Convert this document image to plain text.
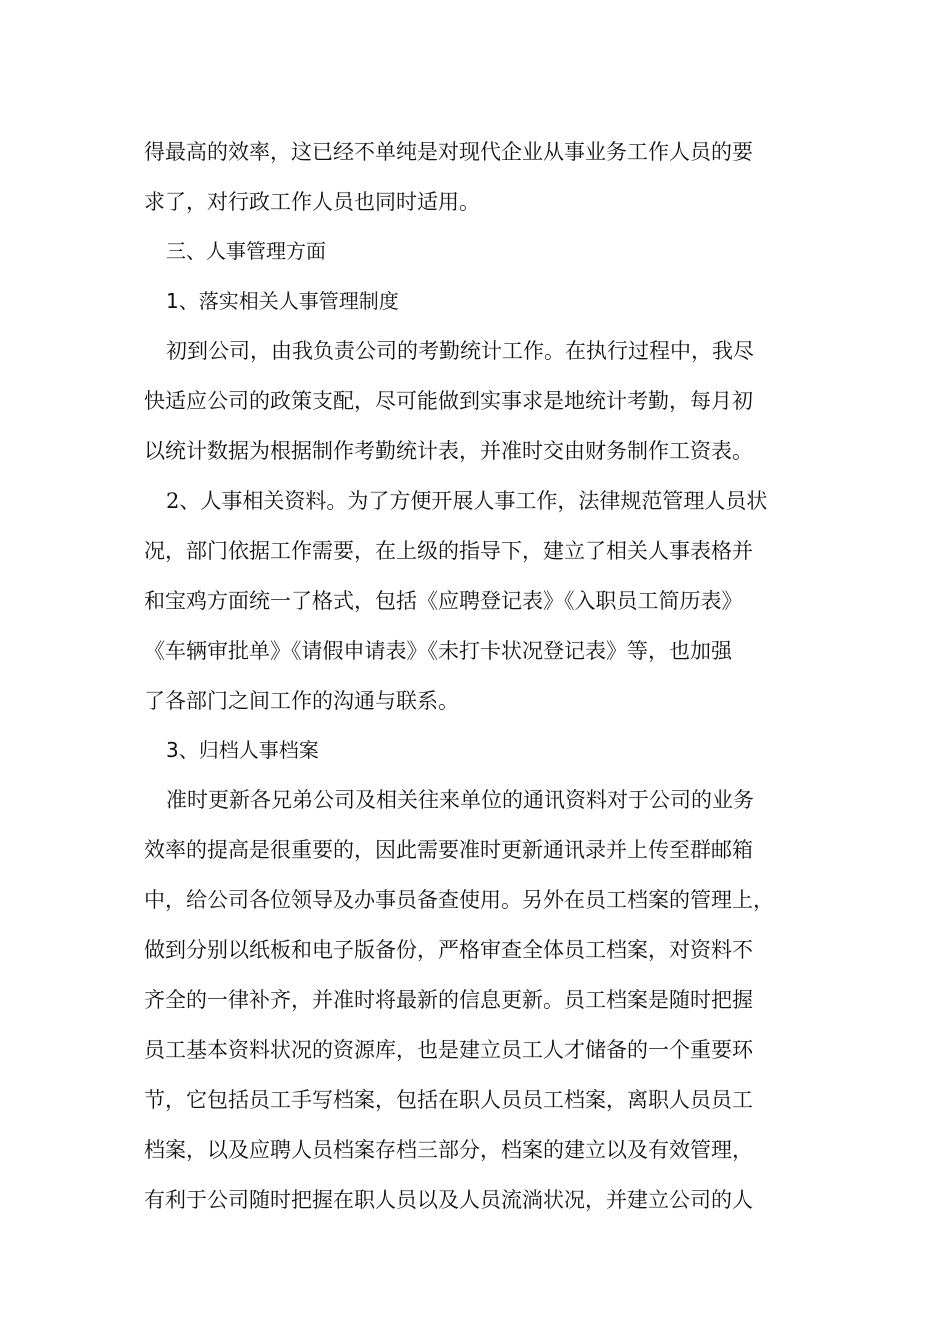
得最高的效率，这已经不单纯是对现代企业从事业务工作人员的要
求了，对行政工作人员也同时适用。
三、人事管理方面
1、落实相关人事管理制度
初到公司，由我负责公司的考勤统计工作。在执行过程中，我尽
快适应公司的政策支配，尽可能做到实事求是地统计考勤，每月初
以统计数据为根据制作考勤统计表，并准时交由财务制作工资表。
2、人事相关资料。为了方便开展人事工作，法律规范管理人员状
况，部门依据工作需要，在上级的指导下，建立了相关人事表格并
和宝鸡方面统一了格式，包括《应聘登记表》《入职员工简历表》
《车辆审批单》《请假申请表》《未打卡状况登记表》等，也加强
了各部门之间工作的沟通与联系。
3、归档人事档案
准时更新各兄弟公司及相关往来单位的通讯资料对于公司的业务
效率的提高是很重要的，因此需要准时更新通讯录并上传至群邮箱
中，给公司各位领导及办事员备查使用。另外在员工档案的管理上，
做到分别以纸板和电子版备份，严格审查全体员工档案，对资料不
齐全的一律补齐，并准时将最新的信息更新。员工档案是随时把握
员工基本资料状况的资源库，也是建立员工人才储备的一个重要环
节，它包括员工手写档案，包括在职人员员工档案，离职人员员工
档案，以及应聘人员档案存档三部分，档案的建立以及有效管理，
有利于公司随时把握在职人员以及人员流淌状况，并建立公司的人
